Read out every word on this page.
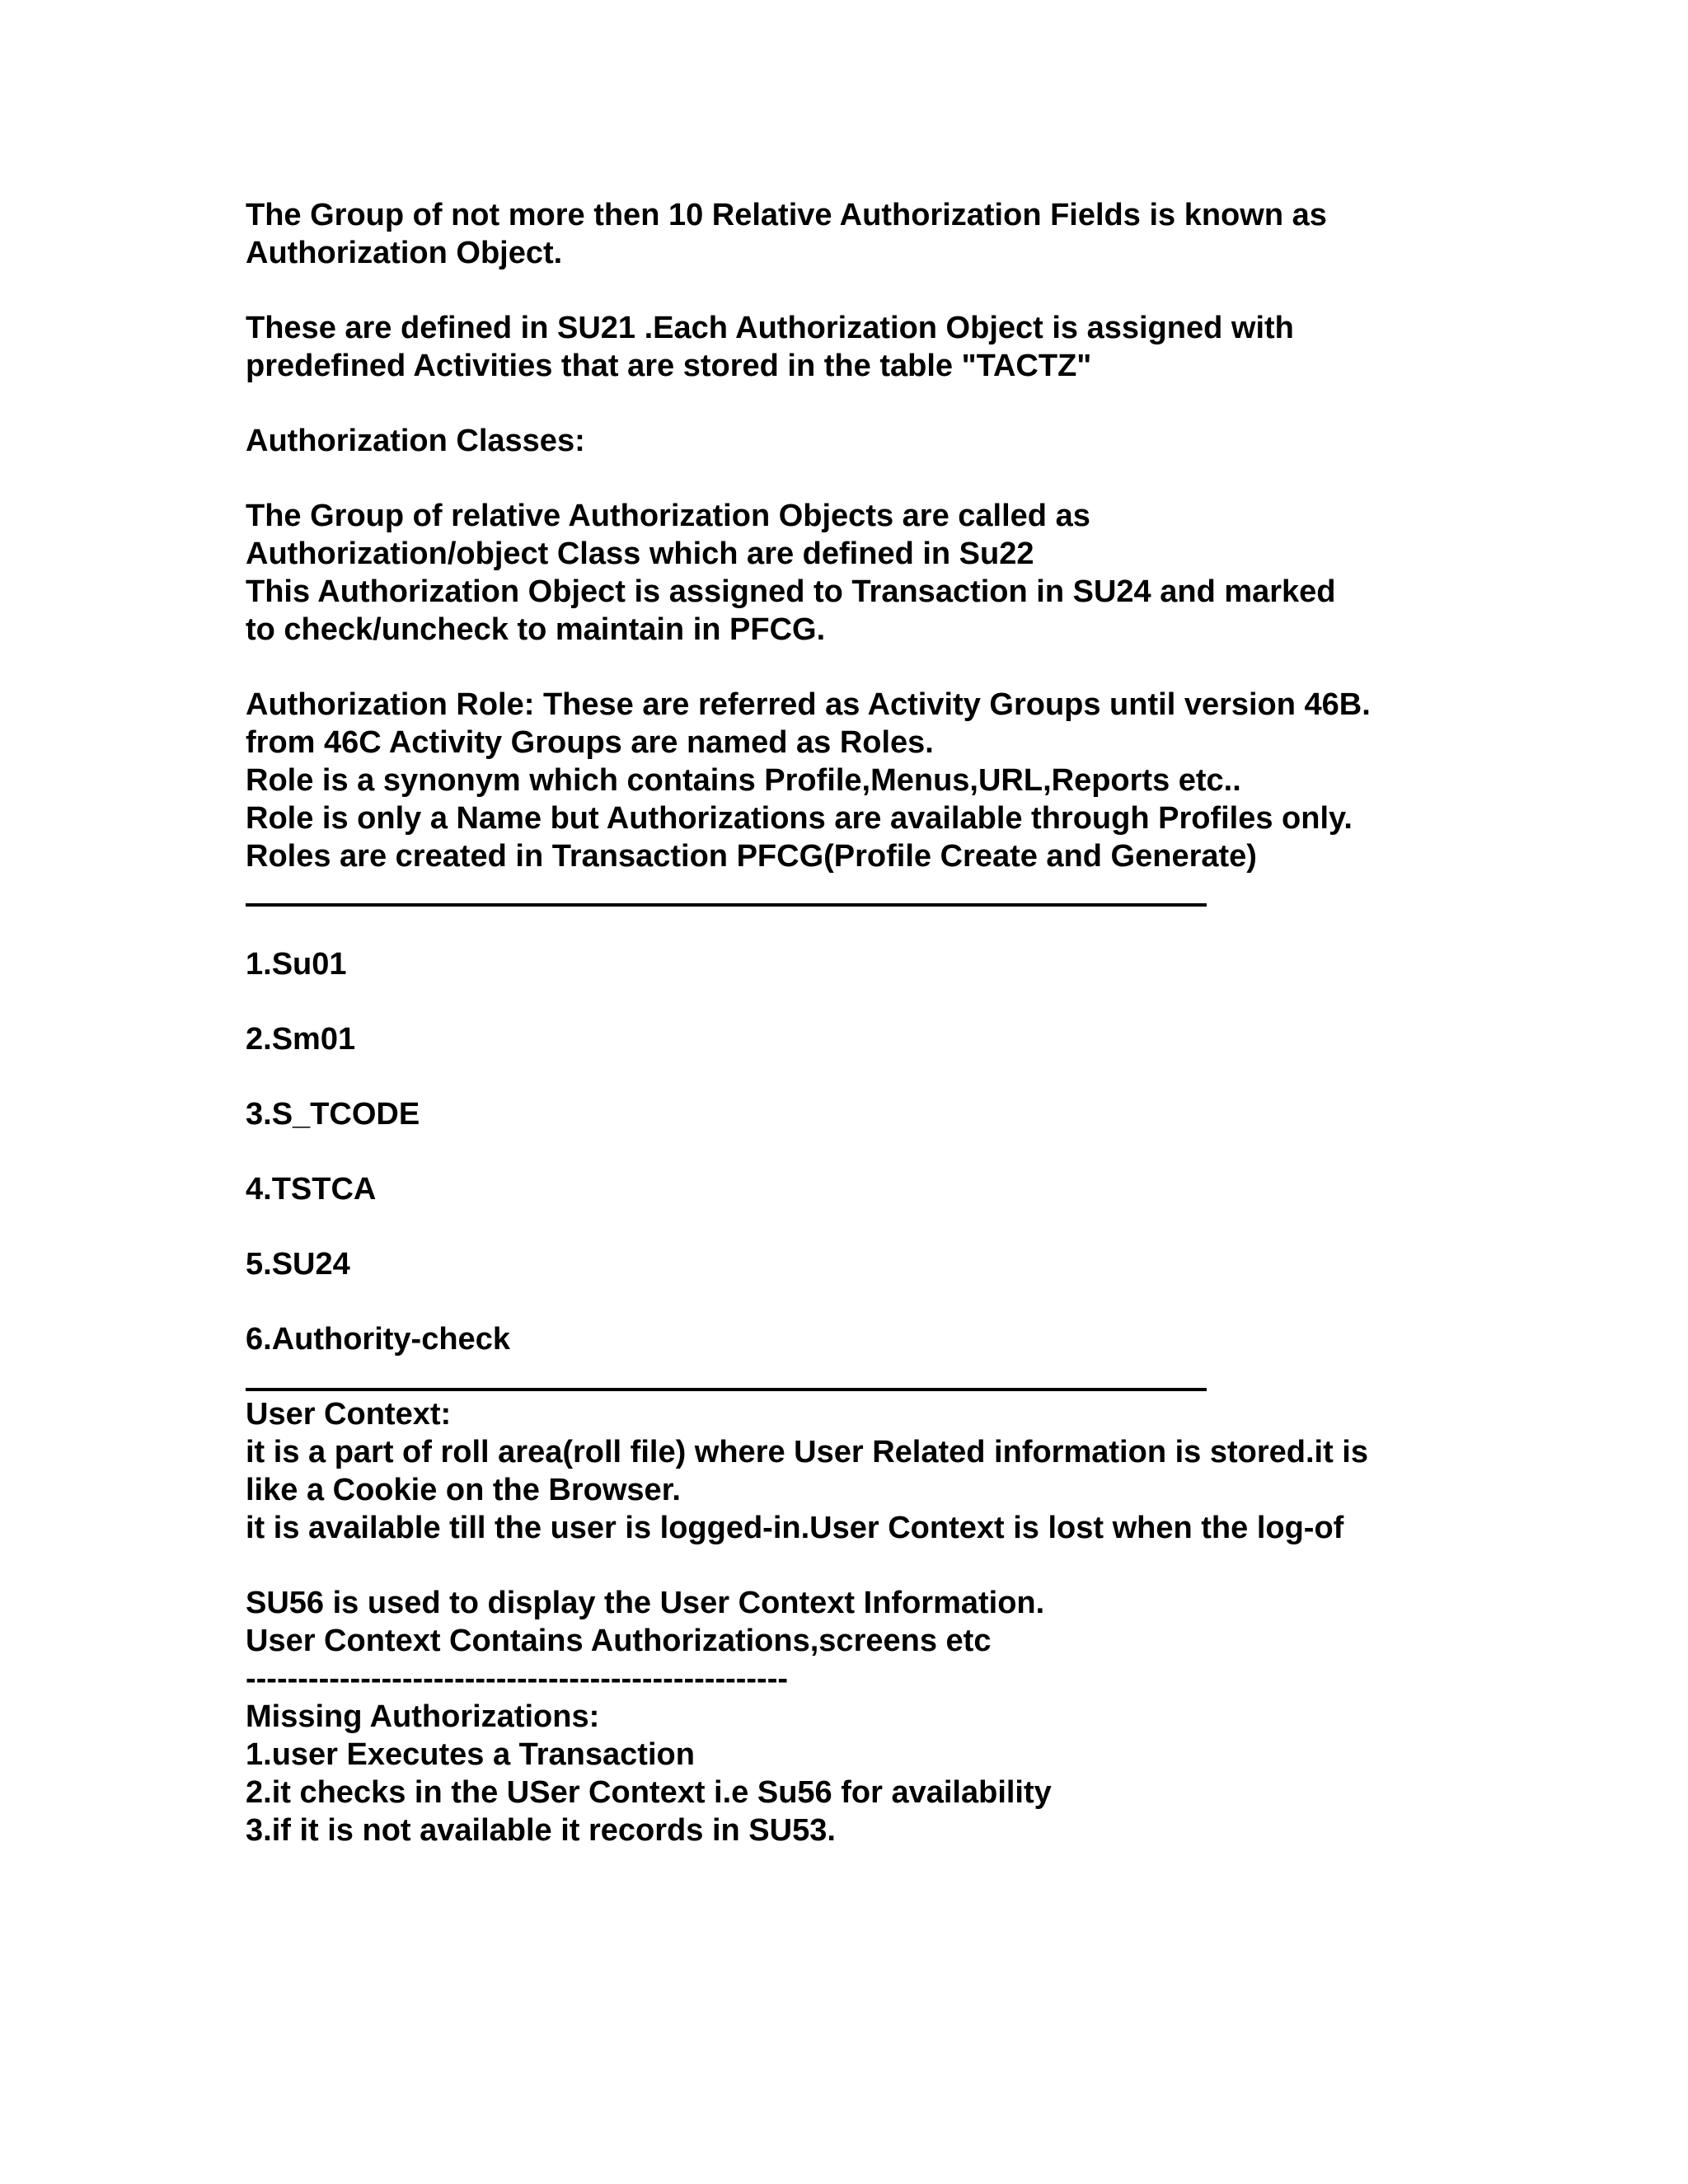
The Group of not more then 10 Relative Authorization Fields is known as
Authorization Object.
These are defined in SU21 .Each Authorization Object is assigned with
predefined Activities that are stored in the table "TACTZ"
Authorization Classes:
The Group of relative Authorization Objects are called as
Authorization/object Class which are defined in Su22
This Authorization Object is assigned to Transaction in SU24 and marked
to check/uncheck to maintain in PFCG.
Authorization Role: These are referred as Activity Groups until version 46B.
from 46C Activity Groups are named as Roles.
Role is a synonym which contains Profile,Menus,URL,Reports etc..
Role is only a Name but Authorizations are available through Profiles only.
Roles are created in Transaction PFCG(Profile Create and Generate)
1.Su01
2.Sm01
3.S_TCODE
4.TSTCA
5.SU24
6.Authority-check
User Context:
it is a part of roll area(roll file) where User Related information is stored.it is
like a Cookie on the Browser.
it is available till the user is logged-in.User Context is lost when the log-of
SU56 is used to display the User Context Information.
User Context Contains Authorizations,screens etc
----------------------------------------------------
Missing Authorizations:
1.user Executes a Transaction
2.it checks in the USer Context i.e Su56 for availability
3.if it is not available it records in SU53.
